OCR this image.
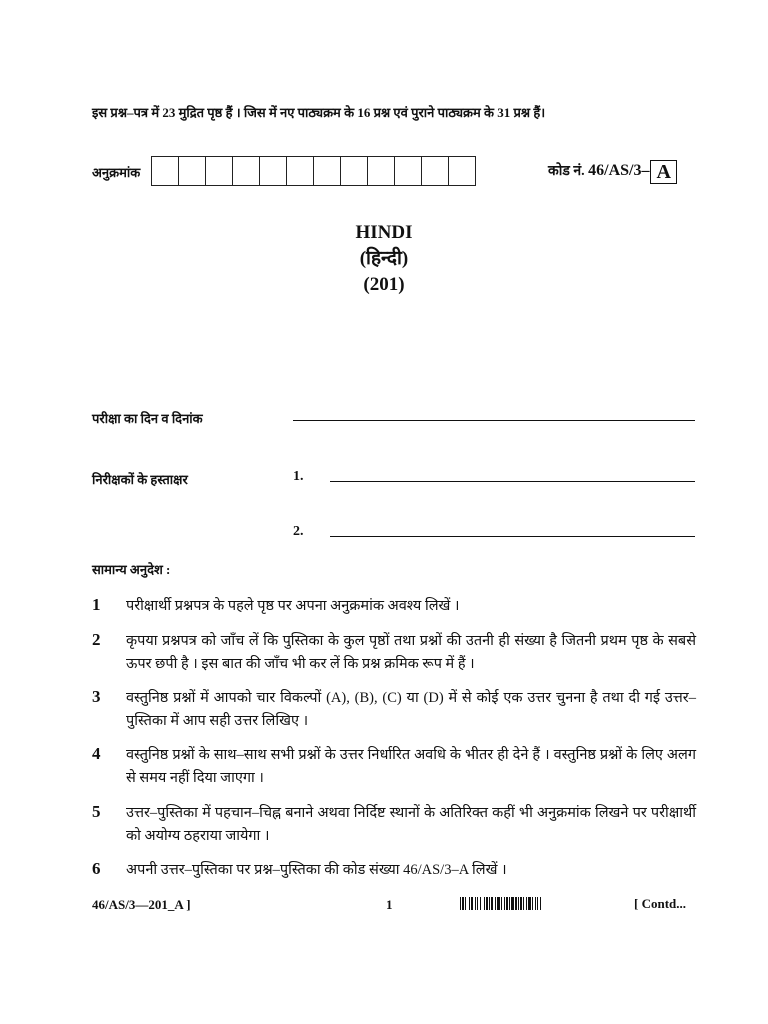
इस प्रश्न–पत्र में 23 मुद्रित पृष्ठ हैं । जिस में नए पाठ्यक्रम के 16 प्रश्न एवं पुराने पाठ्यक्रम के 31 प्रश्न हैं।
अनुक्रमांक	कोड नं. 46/AS/3– A
HINDI
(हिन्दी)
(201)
परीक्षा का दिन व दिनांक
निरीक्षकों के हस्ताक्षर	1.
2.
सामान्य अनुदेश :
1	परीक्षार्थी प्रश्नपत्र के पहले पृष्ठ पर अपना अनुक्रमांक अवश्य लिखें ।
2	कृपया प्रश्नपत्र को जाँच लें कि पुस्तिका के कुल पृष्ठों तथा प्रश्नों की उतनी ही संख्या है जितनी प्रथम पृष्ठ के सबसे ऊपर छपी है । इस बात की जाँच भी कर लें कि प्रश्न क्रमिक रूप में हैं ।
3	वस्तुनिष्ठ प्रश्नों में आपको चार विकल्पों (A), (B), (C) या (D) में से कोई एक उत्तर चुनना है तथा दी गई उत्तर–पुस्तिका में आप सही उत्तर लिखिए ।
4	वस्तुनिष्ठ प्रश्नों के साथ–साथ सभी प्रश्नों के उत्तर निर्धारित अवधि के भीतर ही देने हैं । वस्तुनिष्ठ प्रश्नों के लिए अलग से समय नहीं दिया जाएगा ।
5	उत्तर–पुस्तिका में पहचान–चिह्न बनाने अथवा निर्दिष्ट स्थानों के अतिरिक्त कहीं भी अनुक्रमांक लिखने पर परीक्षार्थी को अयोग्य ठहराया जायेगा ।
6	अपनी उत्तर–पुस्तिका पर प्रश्न–पुस्तिका की कोड संख्या 46/AS/3–A लिखें ।
46/AS/3—201_A ]	1	[ Contd...
